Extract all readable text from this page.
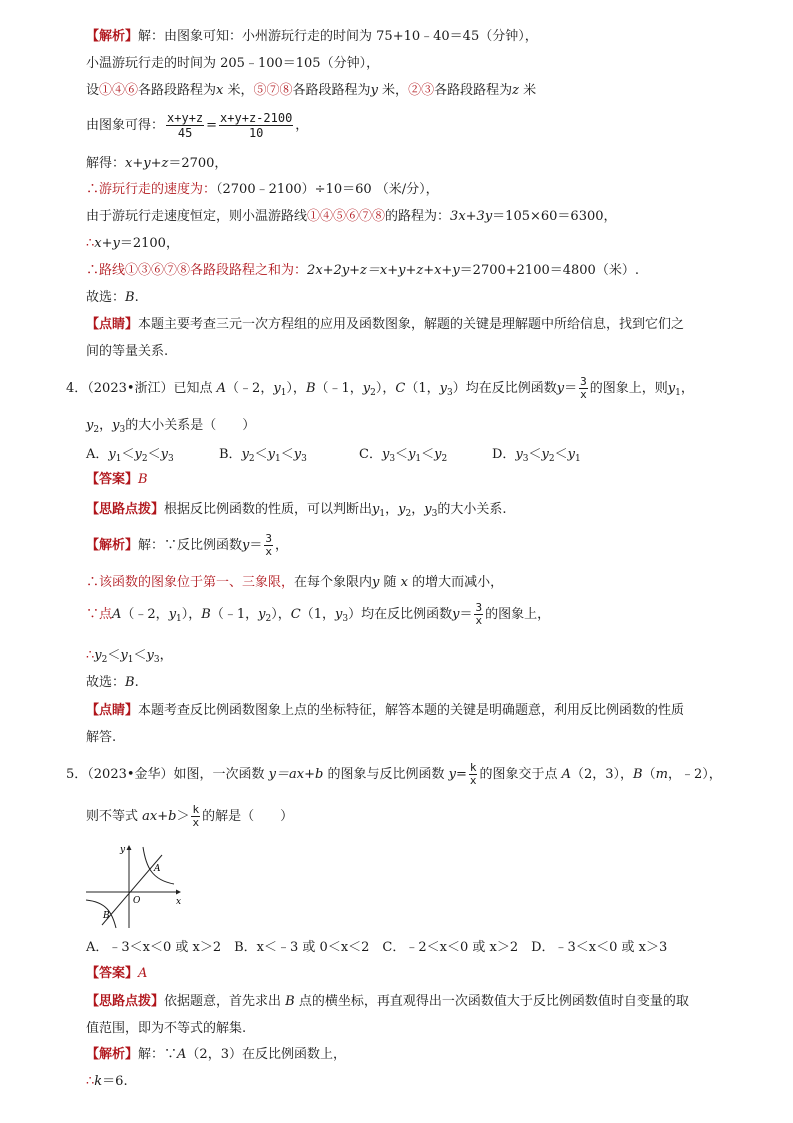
【解析】解：由图象可知：小州游玩行走的时间为 75+10﹣40＝45（分钟），
小温游玩行走的时间为 205﹣100＝105（分钟），
设①④⑥各路段路程为x 米，⑤⑦⑧各路段路程为y 米，②③各路段路程为z 米
由图象可得： $\frac{x+y+z}{45} = \frac{x+y+z-2100}{10}$ ，
解得：x+y+z＝2700，
∴游玩行走的速度为：（2700﹣2100）÷10＝60 （米/分），
由于游玩行走速度恒定，则小温游路线①④⑤⑥⑦⑧的路程为：3x+3y＝105×60＝6300，
∴x+y＝2100，
∴路线①③⑥⑦⑧各路段路程之和为：2x+2y+z＝x+y+z+x+y＝2700+2100＝4800（米）.
故选：B.
【点睛】本题主要考查三元一次方程组的应用及函数图象，解题的关键是理解题中所给信息，找到它们之
间的等量关系.
4．（2023•浙江）已知点 A（﹣2，$y_1$），B（﹣1，$y_2$），C（1，$y_3$）均在反比例函数$y= \frac{3}{x}$ 的图象上，则$y_1$，
$y_2$，$y_3$的大小关系是（　　）
A．$y_1<y_2<y_3$	B．$y_2<y_1<y_3$	C．$y_3<y_1<y_2$	D．$y_3<y_2<y_1$
【答案】B
【思路点拨】根据反比例函数的性质，可以判断出$y_1$，$y_2$，$y_3$的大小关系.
【解析】解：∵反比例函数$y= \frac{3}{x}$ ，
∴该函数的图象位于第一、三象限，在每个象限内y 随 x 的增大而减小，
∵点A（﹣2，$y_1$），B（﹣1，$y_2$），C（1，$y_3$）均在反比例函数$y= \frac{3}{x}$ 的图象上，
$\therefore y_2<y_1<y_3$，
故选：B.
【点睛】本题考查反比例函数图象上点的坐标特征，解答本题的关键是明确题意，利用反比例函数的性质
解答.
5．（2023•金华）如图，一次函数 y＝ax+b 的图象与反比例函数 $y= \frac{k}{x}$ 的图象交于点 A（2，3），B（m，﹣2），
则不等式 $ax+b> \frac{k}{x}$ 的解是（　　）
y
x
O
A
B
A．﹣3＜x＜0 或 x＞2　B．x＜﹣3 或 0＜x＜2　C．﹣2＜x＜0 或 x＞2　D．﹣3＜x＜0 或 x＞3
【答案】A
【思路点拨】依据题意，首先求出 B 点的横坐标，再直观得出一次函数值大于反比例函数值时自变量的取
值范围，即为不等式的解集.
【解析】解：∵A（2，3）在反比例函数上，
∴k＝6.
